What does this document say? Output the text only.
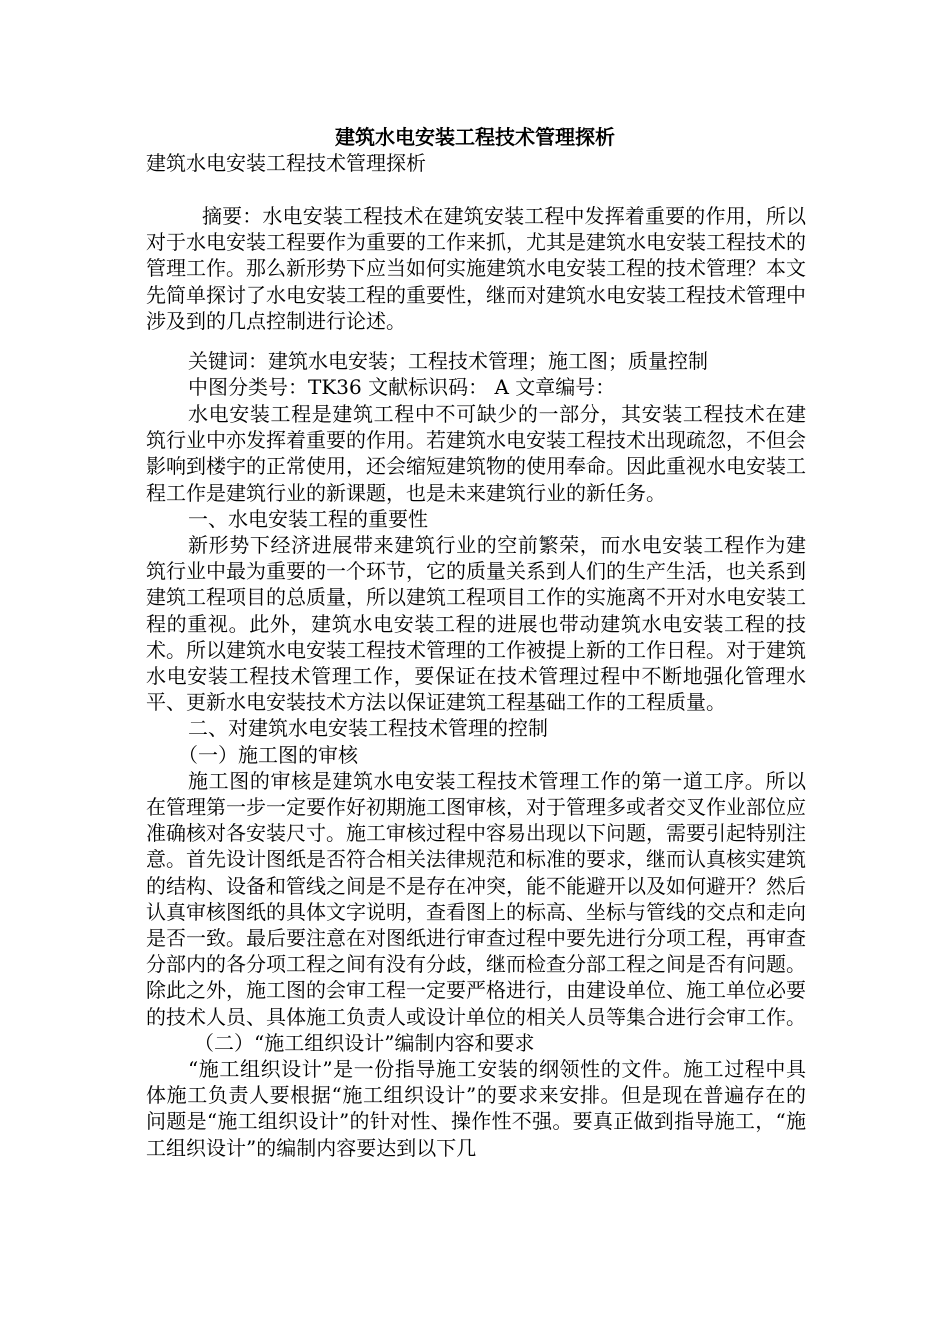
建筑水电安装工程技术管理探析
建筑水电安装工程技术管理探析

摘要：水电安装工程技术在建筑安装工程中发挥着重要的作用，所以对于水电安装工程要作为重要的工作来抓，尤其是建筑水电安装工程技术的管理工作。那么新形势下应当如何实施建筑水电安装工程的技术管理？本文先简单探讨了水电安装工程的重要性，继而对建筑水电安装工程技术管理中涉及到的几点控制进行论述。

关键词：建筑水电安装；工程技术管理；施工图；质量控制

中图分类号：TK36 文献标识码： A 文章编号：

水电安装工程是建筑工程中不可缺少的一部分，其安装工程技术在建筑行业中亦发挥着重要的作用。若建筑水电安装工程技术出现疏忽，不但会影响到楼宇的正常使用，还会缩短建筑物的使用奉命。因此重视水电安装工程工作是建筑行业的新课题，也是未来建筑行业的新任务。

一、水电安装工程的重要性

新形势下经济进展带来建筑行业的空前繁荣，而水电安装工程作为建筑行业中最为重要的一个环节，它的质量关系到人们的生产生活，也关系到建筑工程项目的总质量，所以建筑工程项目工作的实施离不开对水电安装工程的重视。此外，建筑水电安装工程的进展也带动建筑水电安装工程的技术。所以建筑水电安装工程技术管理的工作被提上新的工作日程。对于建筑水电安装工程技术管理工作，要保证在技术管理过程中不断地强化管理水平、更新水电安装技术方法以保证建筑工程基础工作的工程质量。

二、对建筑水电安装工程技术管理的控制

（一）施工图的审核

施工图的审核是建筑水电安装工程技术管理工作的第一道工序。所以在管理第一步一定要作好初期施工图审核，对于管理多或者交叉作业部位应准确核对各安装尺寸。施工审核过程中容易出现以下问题，需要引起特别注意。首先设计图纸是否符合相关法律规范和标准的要求，继而认真核实建筑的结构、设备和管线之间是不是存在冲突，能不能避开以及如何避开？然后认真审核图纸的具体文字说明，查看图上的标高、坐标与管线的交点和走向是否一致。最后要注意在对图纸进行审查过程中要先进行分项工程，再审查分部内的各分项工程之间有没有分歧，继而检查分部工程之间是否有问题。除此之外，施工图的会审工程一定要严格进行，由建设单位、施工单位必要的技术人员、具体施工负责人或设计单位的相关人员等集合进行会审工作。

（二）“施工组织设计”编制内容和要求

“施工组织设计”是一份指导施工安装的纲领性的文件。施工过程中具体施工负责人要根据“施工组织设计”的要求来安排。但是现在普遍存在的问题是“施工组织设计”的针对性、操作性不强。要真正做到指导施工，“施工组织设计”的编制内容要达到以下几
